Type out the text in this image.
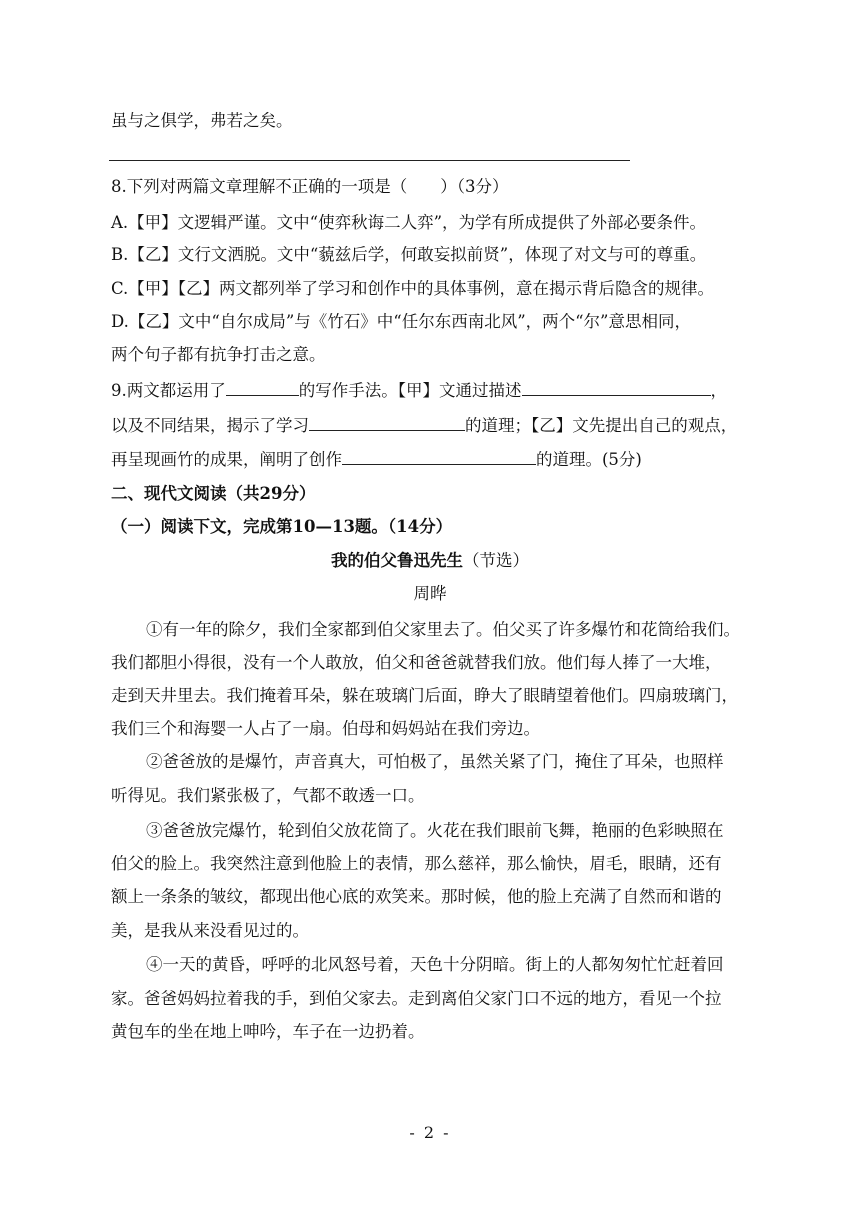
虽与之俱学，弗若之矣。
8.下列对两篇文章理解不正确的一项是（　　）（3分）
A.【甲】文逻辑严谨。文中“使弈秋诲二人弈”，为学有所成提供了外部必要条件。
B.【乙】文行文洒脱。文中“藐兹后学，何敢妄拟前贤”，体现了对文与可的尊重。
C.【甲】【乙】两文都列举了学习和创作中的具体事例，意在揭示背后隐含的规律。
D.【乙】文中“自尔成局”与《竹石》中“任尔东西南北风”，两个“尔”意思相同，
两个句子都有抗争打击之意。
9.两文都运用了	的写作手法。【甲】文通过描述	，
以及不同结果，揭示了学习	的道理；【乙】文先提出自己的观点，
再呈现画竹的成果，阐明了创作	的道理。(5分)
二、现代文阅读（共29分）
（一）阅读下文，完成第10—13题。（14分）
我的伯父鲁迅先生（节选）
周晔
①有一年的除夕，我们全家都到伯父家里去了。伯父买了许多爆竹和花筒给我们。
我们都胆小得很，没有一个人敢放，伯父和爸爸就替我们放。他们每人捧了一大堆，
走到天井里去。我们掩着耳朵，躲在玻璃门后面，睁大了眼睛望着他们。四扇玻璃门，
我们三个和海婴一人占了一扇。伯母和妈妈站在我们旁边。
②爸爸放的是爆竹，声音真大，可怕极了，虽然关紧了门，掩住了耳朵，也照样
听得见。我们紧张极了，气都不敢透一口。
③爸爸放完爆竹，轮到伯父放花筒了。火花在我们眼前飞舞，艳丽的色彩映照在
伯父的脸上。我突然注意到他脸上的表情，那么慈祥，那么愉快，眉毛，眼睛，还有
额上一条条的皱纹，都现出他心底的欢笑来。那时候，他的脸上充满了自然而和谐的
美，是我从来没看见过的。
④一天的黄昏，呼呼的北风怒号着，天色十分阴暗。街上的人都匆匆忙忙赶着回
家。爸爸妈妈拉着我的手，到伯父家去。走到离伯父家门口不远的地方，看见一个拉
黄包车的坐在地上呻吟，车子在一边扔着。
- 2 -
